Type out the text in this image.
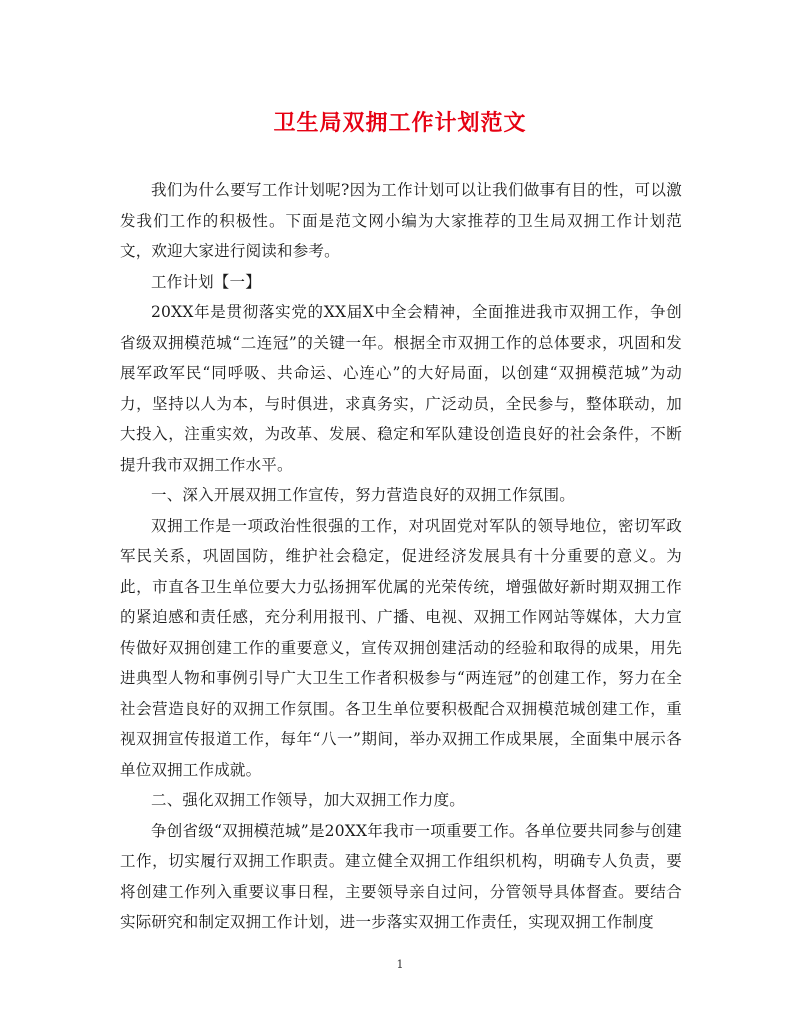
卫生局双拥工作计划范文

我们为什么要写工作计划呢?因为工作计划可以让我们做事有目的性，可以激发我们工作的积极性。下面是范文网小编为大家推荐的卫生局双拥工作计划范文，欢迎大家进行阅读和参考。

工作计划【一】

20XX年是贯彻落实党的XX届X中全会精神，全面推进我市双拥工作，争创省级双拥模范城“二连冠”的关键一年。根据全市双拥工作的总体要求，巩固和发展军政军民“同呼吸、共命运、心连心”的大好局面，以创建“双拥模范城”为动力，坚持以人为本，与时俱进，求真务实，广泛动员，全民参与，整体联动，加大投入，注重实效，为改革、发展、稳定和军队建设创造良好的社会条件，不断提升我市双拥工作水平。

一、深入开展双拥工作宣传，努力营造良好的双拥工作氛围。

双拥工作是一项政治性很强的工作，对巩固党对军队的领导地位，密切军政军民关系，巩固国防，维护社会稳定，促进经济发展具有十分重要的意义。为此，市直各卫生单位要大力弘扬拥军优属的光荣传统，增强做好新时期双拥工作的紧迫感和责任感，充分利用报刊、广播、电视、双拥工作网站等媒体，大力宣传做好双拥创建工作的重要意义，宣传双拥创建活动的经验和取得的成果，用先进典型人物和事例引导广大卫生工作者积极参与“两连冠”的创建工作，努力在全社会营造良好的双拥工作氛围。各卫生单位要积极配合双拥模范城创建工作，重视双拥宣传报道工作，每年“八一”期间，举办双拥工作成果展，全面集中展示各单位双拥工作成就。

二、强化双拥工作领导，加大双拥工作力度。

争创省级“双拥模范城”是20XX年我市一项重要工作。各单位要共同参与创建工作，切实履行双拥工作职责。建立健全双拥工作组织机构，明确专人负责，要将创建工作列入重要议事日程，主要领导亲自过问，分管领导具体督查。要结合实际研究和制定双拥工作计划，进一步落实双拥工作责任，实现双拥工作制度

1
